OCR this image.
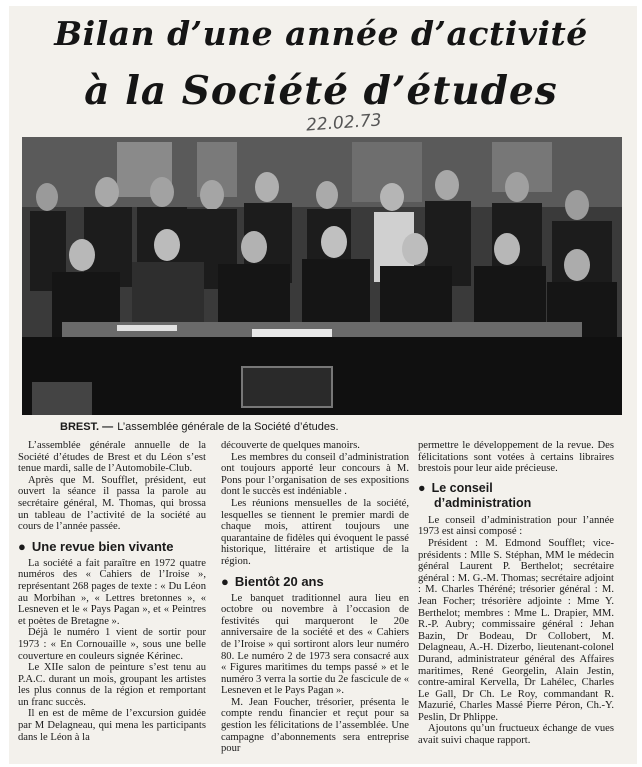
Bilan d’une année d’activité
à la Société d’études
22.02.73
BREST. — L’assemblée générale de la Société d’études.

L’assemblée générale annuelle de la Société d’études de Brest et du Léon s’est tenue mardi, salle de l’Automobile-Club.

Après que M. Soufflet, président, eut ouvert la séance il passa la parole au secrétaire général, M. Thomas, qui brossa un tableau de l’activité de la société au cours de l’année passée.

● Une revue bien vivante

La société a fait paraître en 1972 quatre numéros des « Cahiers de l’Iroise », représentant 268 pages de texte : « Du Léon au Morbihan », « Lettres bretonnes », « Lesneven et le « Pays Pagan », et « Peintres et poètes de Bretagne ».

Déjà le numéro 1 vient de sortir pour 1973 : « En Cornouaille », sous une belle couverture en couleurs signée Kérinec.

Le XIIe salon de peinture s’est tenu au P.A.C. durant un mois, groupant les artistes les plus connus de la région et remportant un franc succès.

Il en est de même de l’excursion guidée par M Delagneau, qui mena les participants dans le Léon à la

découverte de quelques manoirs.

Les membres du conseil d’administration ont toujours apporté leur concours à M. Pons pour l’organisation de ses expositions dont le succès est indéniable .

Les réunions mensuelles de la société, lesquelles se tiennent le premier mardi de chaque mois, attirent toujours une quarantaine de fidèles qui évoquent le passé historique, littéraire et artistique de la région.

● Bientôt 20 ans

Le banquet traditionnel aura lieu en octobre ou novembre à l’occasion de festivités qui marqueront le 20e anniversaire de la société et des « Cahiers de l’Iroise » qui sortiront alors leur numéro 80. Le numéro 2 de 1973 sera consacré aux « Figures maritimes du temps passé » et le numéro 3 verra la sortie du 2e fascicule de « Lesneven et le Pays Pagan ».

M. Jean Foucher, trésorier, présenta le compte rendu financier et reçut pour sa gestion les félicitations de l’assemblée. Une campagne d’abonnements sera entreprise pour

permettre le développement de la revue. Des félicitations sont votées à certains libraires brestois pour leur aide précieuse.

● Le conseil
d’administration

Le conseil d’administration pour l’année 1973 est ainsi composé :

Président : M. Edmond Soufflet; vice-présidents : Mlle S. Stéphan, MM le médecin général Laurent P. Berthelot; secrétaire général : M. G.-M. Thomas; secrétaire adjoint : M. Charles Théréné; trésorier général : M. Jean Focher; trésorière adjointe : Mme Y. Berthelot; membres : Mme L. Drapier, MM. R.-P. Aubry; commissaire général : Jehan Bazin, Dr Bodeau, Dr Collobert, M. Delagneau, A.-H. Dizerbo, lieutenant-colonel Durand, administrateur général des Affaires maritimes, René Georgelin, Alain Jestin, contre-amiral Kervella, Dr Lahélec, Charles Le Gall, Dr Ch. Le Roy, commandant R. Mazurié, Charles Massé Pierre Péron, Ch.-Y. Peslin, Dr Phlippe.

Ajoutons qu’un fructueux échange de vues avait suivi chaque rapport.
